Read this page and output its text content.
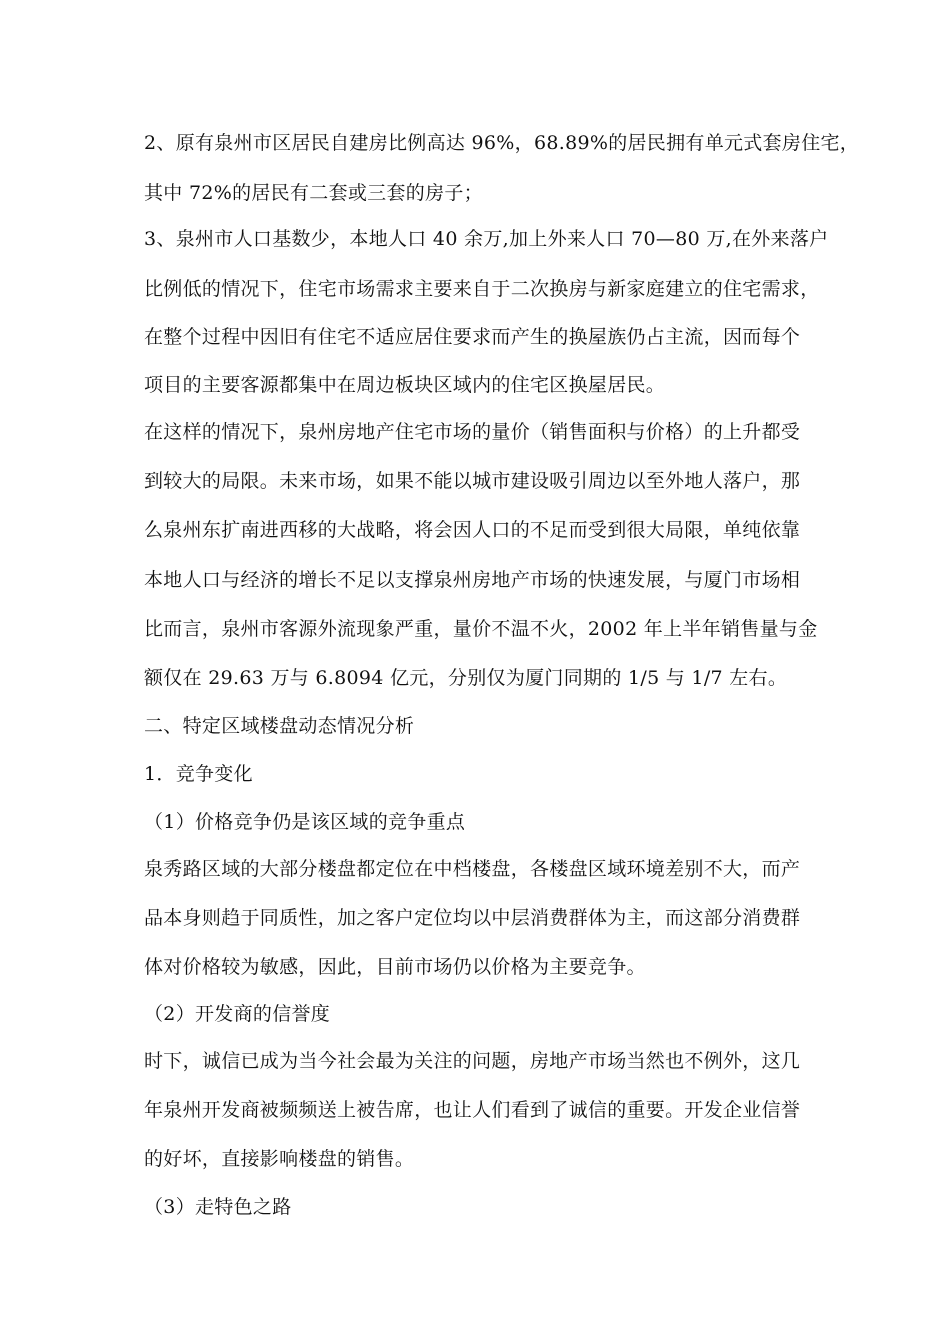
2、原有泉州市区居民自建房比例高达 96%，68.89%的居民拥有单元式套房住宅，
其中 72%的居民有二套或三套的房子；
3、泉州市人口基数少，本地人口 40 余万,加上外来人口 70—80 万,在外来落户
比例低的情况下，住宅市场需求主要来自于二次换房与新家庭建立的住宅需求，
在整个过程中因旧有住宅不适应居住要求而产生的换屋族仍占主流，因而每个
项目的主要客源都集中在周边板块区域内的住宅区换屋居民。
在这样的情况下，泉州房地产住宅市场的量价（销售面积与价格）的上升都受
到较大的局限。未来市场，如果不能以城市建设吸引周边以至外地人落户，那
么泉州东扩南进西移的大战略，将会因人口的不足而受到很大局限，单纯依靠
本地人口与经济的增长不足以支撑泉州房地产市场的快速发展，与厦门市场相
比而言，泉州市客源外流现象严重，量价不温不火，2002 年上半年销售量与金
额仅在 29.63 万与 6.8094 亿元，分别仅为厦门同期的 1/5 与 1/7 左右。
二、特定区域楼盘动态情况分析
1．竞争变化
（1）价格竞争仍是该区域的竞争重点
泉秀路区域的大部分楼盘都定位在中档楼盘，各楼盘区域环境差别不大，而产
品本身则趋于同质性，加之客户定位均以中层消费群体为主，而这部分消费群
体对价格较为敏感，因此，目前市场仍以价格为主要竞争。
（2）开发商的信誉度
时下，诚信已成为当今社会最为关注的问题，房地产市场当然也不例外，这几
年泉州开发商被频频送上被告席，也让人们看到了诚信的重要。开发企业信誉
的好坏，直接影响楼盘的销售。
（3）走特色之路
